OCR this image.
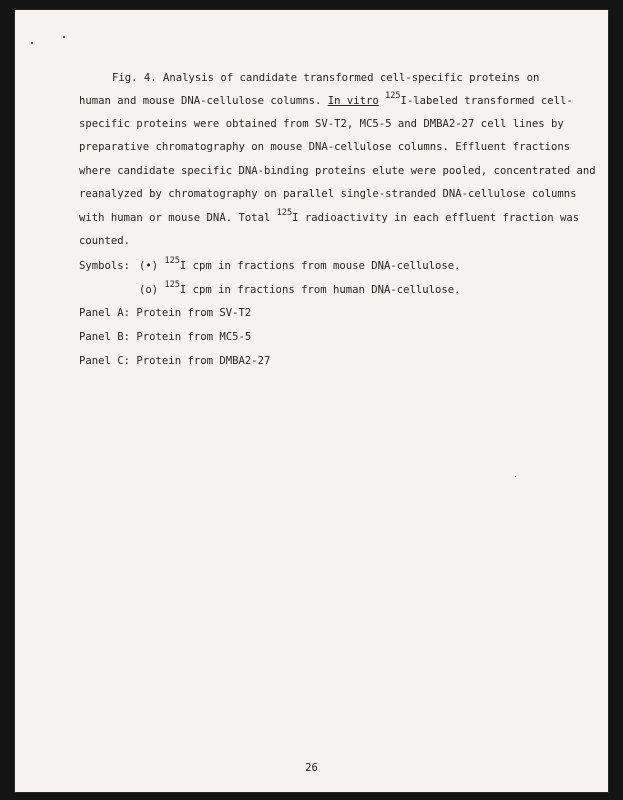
Fig. 4. Analysis of candidate transformed cell-specific proteins on
human and mouse DNA-cellulose columns. In vitro $^{125}$I-labeled transformed cell-
specific proteins were obtained from SV-T2, MC5-5 and DMBA2-27 cell lines by
preparative chromatography on mouse DNA-cellulose columns. Effluent fractions
where candidate specific DNA-binding proteins elute were pooled, concentrated and
reanalyzed by chromatography on parallel single-stranded DNA-cellulose columns
with human or mouse DNA. Total $^{125}$I radioactivity in each effluent fraction was
counted.
Symbols: (•) $^{125}$I cpm in fractions from mouse DNA-cellulose.
(o) $^{125}$I cpm in fractions from human DNA-cellulose.
Panel A: Protein from SV-T2
Panel B: Protein from MC5-5
Panel C: Protein from DMBA2-27
26
